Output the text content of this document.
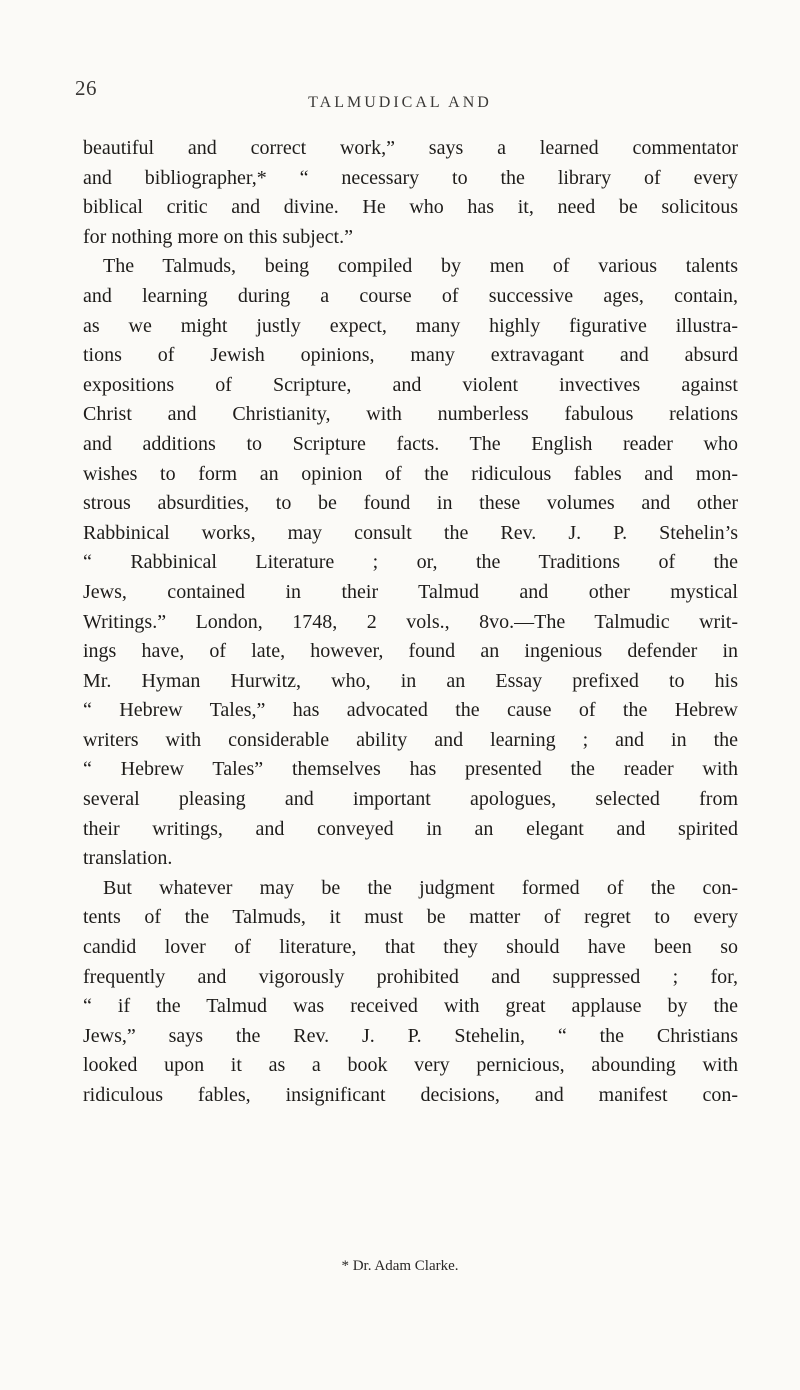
26
TALMUDICAL AND
beautiful and correct work,” says a learned commentator
and bibliographer,* “ necessary to the library of every
biblical critic and divine. He who has it, need be solicitous
for nothing more on this subject.”
The Talmuds, being compiled by men of various talents
and learning during a course of successive ages, contain,
as we might justly expect, many highly figurative illustra-
tions of Jewish opinions, many extravagant and absurd
expositions of Scripture, and violent invectives against
Christ and Christianity, with numberless fabulous relations
and additions to Scripture facts. The English reader who
wishes to form an opinion of the ridiculous fables and mon-
strous absurdities, to be found in these volumes and other
Rabbinical works, may consult the Rev. J. P. Stehelin’s
“ Rabbinical Literature ; or, the Traditions of the
Jews, contained in their Talmud and other mystical
Writings.” London, 1748, 2 vols., 8vo.—The Talmudic writ-
ings have, of late, however, found an ingenious defender in
Mr. Hyman Hurwitz, who, in an Essay prefixed to his
“ Hebrew Tales,” has advocated the cause of the Hebrew
writers with considerable ability and learning ; and in the
“ Hebrew Tales” themselves has presented the reader with
several pleasing and important apologues, selected from
their writings, and conveyed in an elegant and spirited
translation.
But whatever may be the judgment formed of the con-
tents of the Talmuds, it must be matter of regret to every
candid lover of literature, that they should have been so
frequently and vigorously prohibited and suppressed ; for,
“ if the Talmud was received with great applause by the
Jews,” says the Rev. J. P. Stehelin, “ the Christians
looked upon it as a book very pernicious, abounding with
ridiculous fables, insignificant decisions, and manifest con-
* Dr. Adam Clarke.
